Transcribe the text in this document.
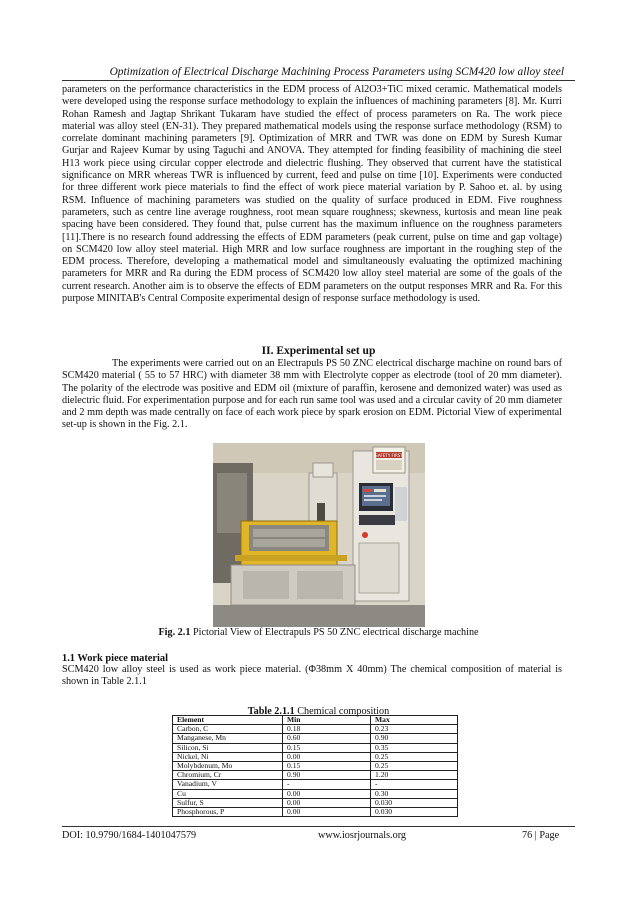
Optimization of Electrical Discharge Machining Process Parameters using SCM420 low alloy steel

parameters on the performance characteristics in the EDM process of Al2O3+TiC mixed ceramic. Mathematical models were developed using the response surface methodology to explain the influences of machining parameters [8]. Mr. Kurri Rohan Ramesh and Jagtap Shrikant Tukaram have studied the effect of process parameters on Ra. The work piece material was alloy steel (EN-31). They prepared mathematical models using the response surface methodology (RSM) to correlate dominant machining parameters [9]. Optimization of MRR and TWR was done on EDM by Suresh Kumar Gurjar and Rajeev Kumar by using Taguchi and ANOVA. They attempted for finding feasibility of machining die steel H13 work piece using circular copper electrode and dielectric flushing. They observed that current have the statistical significance on MRR whereas TWR is influenced by current, feed and pulse on time [10]. Experiments were conducted for three different work piece materials to find the effect of work piece material variation by P. Sahoo et. al. by using RSM. Influence of machining parameters was studied on the quality of surface produced in EDM. Five roughness parameters, such as centre line average roughness, root mean square roughness; skewness, kurtosis and mean line peak spacing have been considered. They found that, pulse current has the maximum influence on the roughness parameters [11].There is no research found addressing the effects of EDM parameters (peak current, pulse on time and gap voltage) on SCM420 low alloy steel material. High MRR and low surface roughness are important in the roughing step of the EDM process. Therefore, developing a mathematical model and simultaneously evaluating the optimized machining parameters for MRR and Ra during the EDM process of SCM420 low alloy steel material are some of the goals of the current research. Another aim is to observe the effects of EDM parameters on the output responses MRR and Ra. For this purpose MINITAB's Central Composite experimental design of response surface methodology is used.

II. Experimental set up

The experiments were carried out on an Electrapuls PS 50 ZNC electrical discharge machine on round bars of SCM420 material ( 55 to 57 HRC) with diameter 38 mm with Electrolyte copper as electrode (tool of 20 mm diameter). The polarity of the electrode was positive and EDM oil (mixture of paraffin, kerosene and demonized water) was used as dielectric fluid. For experimentation purpose and for each run same tool was used and a circular cavity of 20 mm diameter and 2 mm depth was made centrally on face of each work piece by spark erosion on EDM. Pictorial View of experimental set-up is shown in the Fig. 2.1.

SAFETY FIRST
Fig. 2.1 Pictorial View of Electrapuls PS 50 ZNC electrical discharge machine
1.1 Work piece material

SCM420 low alloy steel is used as work piece material. (Φ38mm X 40mm) The chemical composition of material is shown in Table 2.1.1

Table 2.1.1 Chemical composition
Element	Min	Max
Carbon, C	0.18	0.23
Manganese, Mn	0.60	0.90
Silicon, Si	0.15	0.35
Nickel, Ni	0.00	0.25
Molybdenum, Mo	0.15	0.25
Chromium, Cr	0.90	1.20
Vanadium, V	-	-
Cu	0.00	0.30
Sulfur, S	0.00	0.030
Phosphorous, P	0.00	0.030
DOI: 10.9790/1684-1401047579	www.iosrjournals.org	76 | Page
